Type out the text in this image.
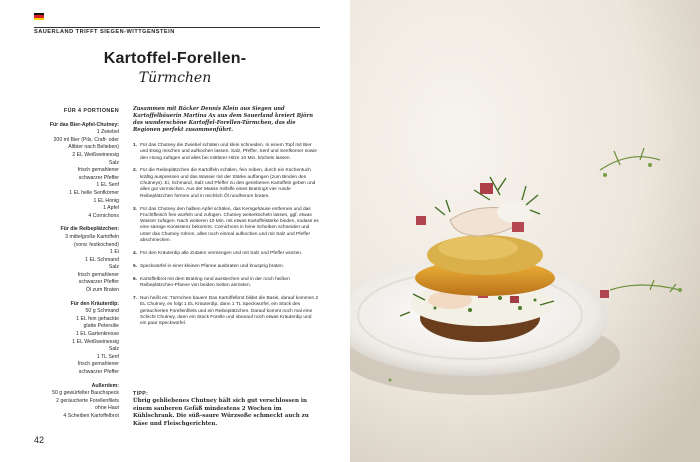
SAUERLAND TRIFFT SIEGEN-WITTGENSTEIN
Kartoffel-Forellen-
Türmchen
FÜR 4 PORTIONEN
Für das Bier-Apfel-Chutney:
1 Zwiebel
200 ml Bier (Pils, Craft- oder
Altbier nach Belieben)
2 EL Weißweinessig
Salz
frisch gemahlener
schwarzer Pfeffer
1 EL Senf
1 EL helle Senfkörner
1 EL Honig
1 Apfel
4 Cornichons
Für die Reibeplätzchen:
3 mittelgroße Kartoffeln
(vorw. festkochend)
1 Ei
1 EL Schmand
Salz
frisch gemahlener
schwarzer Pfeffer
Öl zum Braten
Für den Kräuterdip:
50 g Schmand
1 EL fein gehackte
glatte Petersilie
1 EL Gartenkresse
1 EL Weißweinessig
Salz
1 TL Senf
frisch gemahlener
schwarzer Pfeffer
Außerdem:
50 g gewürfelter Bauchspeck
2 geräucherte Forellenfilets
ohne Haut
4 Scheiben Kartoffelbrot
Zusammen mit Bäcker Dennis Klein aus Siegen und Kartoffelbäuerin Martina Ax aus dem Sauerland kreiert Björn das wunderschöne Kartoffel-Forellen-Türmchen, das die Regionen perfekt zusammenführt.
1. Für das Chutney die Zwiebel schälen und klein schneiden. In einem Topf mit Bier und Essig mischen und aufkochen lassen. Salz, Pfeffer, Senf und Senfkörner sowie den Honig zufügen und alles bei mittlerer Hitze 10 Min. köcheln lassen.
2. Für die Reibeplätzchen die Kartoffeln schälen, fein reiben, durch ein Küchentuch kräftig auspressen und das Wasser mit der Stärke auffangen (zum Binden des Chutneys). Ei, Schmand, Salz und Pfeffer zu den geriebenen Kartoffeln geben und alles gut vermischen. Aus der Masse mithilfe eines Bratrings vier runde Reibeplätzchen formen und in reichlich Öl rundherum braten.
3. Für das Chutney den halben Apfel schälen, das Kerngehäuse entfernen und das Fruchtfleisch fein würfeln und zufügen. Chutney weiterköcheln lassen, ggf. etwas Wasser zufügen. Nach weiteren 10 Min. mit etwas Kartoffelstärke binden, sodass es eine sämige Konsistenz bekommt. Cornichons in feine Scheiben schneiden und unter das Chutney rühren, alles noch einmal aufkochen und mit Salz und Pfeffer abschmecken.
4. Für den Kräuterdip alle Zutaten vermengen und mit Salz und Pfeffer würzen.
5. Speckwürfel in einer kleinen Pfanne ausbraten und knusprig braten.
6. Kartoffelbrot mit dem Bratring rund ausstechen und in der noch heißen Reibeplätzchen-Pfanne von beiden Seiten anrösten.
7. Nun heißt es: Türmchen bauen! Das Kartoffelbrot bildet die Basis, darauf kommen 2 EL Chutney, es folgt 1 EL Kräuterdip, dann 1 TL Speckwürfel, ein Stück des geräucherten Forellenfilets und ein Reibeplätzchen. Darauf kommt noch mal eine Schicht Chutney, dann ein Stück Forelle und obenauf noch etwas Kräuterdip und ein paar Speckwürfel.
TIPP:
Übrig gebliebenes Chutney hält sich gut verschlossen in einem sauberen Gefäß mindestens 2 Wochen im Kühlschrank. Die süß-saure Würzsoße schmeckt auch zu Käse und Fleischgerichten.
42
